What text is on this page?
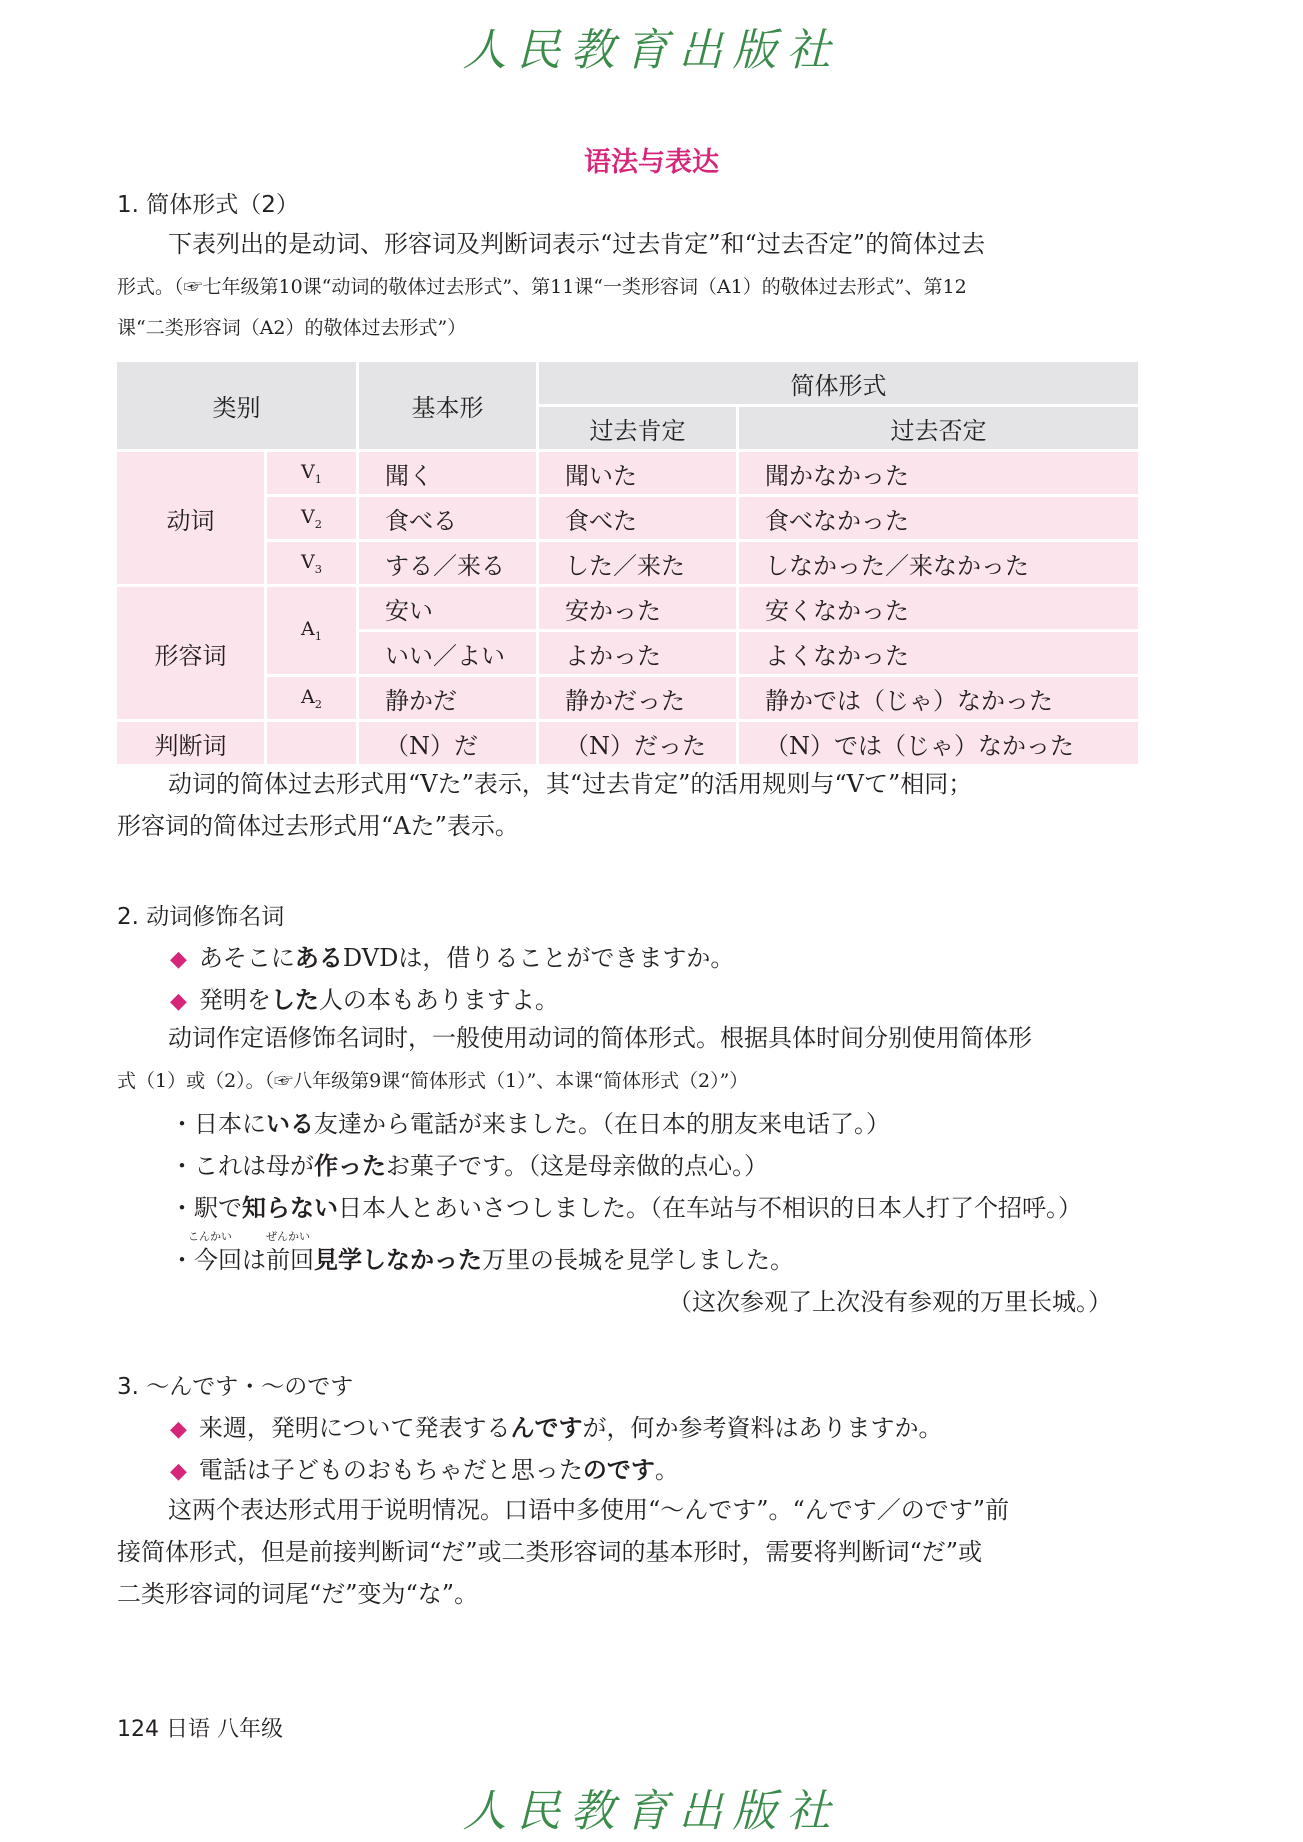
人民教育出版社
语法与表达
1. 简体形式（2）
下表列出的是动词、形容词及判断词表示“过去肯定”和“过去否定”的简体过去
形式。（☞七年级第10课“动词的敬体过去形式”、第11课“一类形容词（A1）的敬体过去形式”、第12
课“二类形容词（A2）的敬体过去形式”）
类别		基本形	简体形式	
			过去肯定	过去否定
动词	$V_1$	聞く	聞いた	聞かなかった
	$V_2$	食べる	食べた	食べなかった
	$V_3$	する／来る	した／来た	しなかった／来なかった
形容词	$A_1$	安い	安かった	安くなかった
		いい／よい	よかった	よくなかった
	$A_2$	静かだ	静かだった	静かでは（じゃ）なかった
判断词		（N）だ	（N）だった	（N）では（じゃ）なかった
动词的简体过去形式用“Vた”表示，其“过去肯定”的活用规则与“Vて”相同；
形容词的简体过去形式用“Aた”表示。
2. 动词修饰名词
◆ あそこにあるDVDは，借りることができますか。
◆ 発明をした人の本もありますよ。
动词作定语修饰名词时，一般使用动词的简体形式。根据具体时间分别使用简体形
式（1）或（2）。（☞八年级第9课“简体形式（1）”、本课“简体形式（2）”）
・日本にいる友達から電話が来ました。（在日本的朋友来电话了。）
・これは母が作ったお菓子です。（这是母亲做的点心。）
・駅で知らない日本人とあいさつしました。（在车站与不相识的日本人打了个招呼。）
こんかい	ぜんかい
・今回は前回見学しなかった万里の長城を見学しました。
（这次参观了上次没有参观的万里长城。）
3. ～んです・～のです
◆ 来週，発明について発表するんですが，何か参考資料はありますか。
◆ 電話は子どものおもちゃだと思ったのです。
这两个表达形式用于说明情况。口语中多使用“～んです”。“んです／のです”前
接简体形式，但是前接判断词“だ”或二类形容词的基本形时，需要将判断词“だ”或
二类形容词的词尾“だ”变为“な”。
124 日语 八年级
人民教育出版社
